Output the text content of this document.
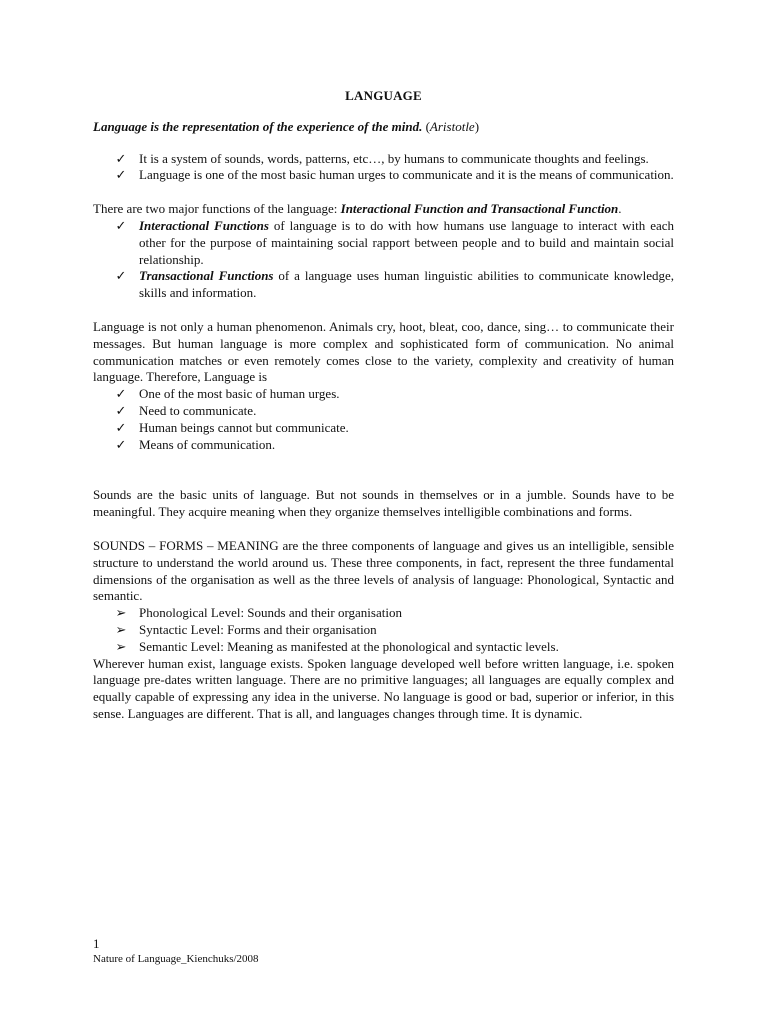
LANGUAGE
Language is the representation of the experience of the mind. (Aristotle)
✓ It is a system of sounds, words, patterns, etc…, by humans to communicate thoughts and feelings.
✓ Language is one of the most basic human urges to communicate and it is the means of communication.

There are two major functions of the language: Interactional Function and Transactional Function.

✓ Interactional Functions of language is to do with how humans use language to interact with each other for the purpose of maintaining social rapport between people and to build and maintain social relationship.
✓ Transactional Functions of a language uses human linguistic abilities to communicate knowledge, skills and information.

Language is not only a human phenomenon. Animals cry, hoot, bleat, coo, dance, sing… to communicate their messages. But human language is more complex and sophisticated form of communication. No animal communication matches or even remotely comes close to the variety, complexity and creativity of human language. Therefore, Language is

✓ One of the most basic of human urges.
✓ Need to communicate.
✓ Human beings cannot but communicate.
✓ Means of communication.

Sounds are the basic units of language. But not sounds in themselves or in a jumble. Sounds have to be meaningful. They acquire meaning when they organize themselves intelligible combinations and forms.

SOUNDS – FORMS – MEANING are the three components of language and gives us an intelligible, sensible structure to understand the world around us. These three components, in fact, represent the three fundamental dimensions of the organisation as well as the three levels of analysis of language: Phonological, Syntactic and semantic.

➢ Phonological Level: Sounds and their organisation
➢ Syntactic Level: Forms and their organisation
➢ Semantic Level: Meaning as manifested at the phonological and syntactic levels.

Wherever human exist, language exists. Spoken language developed well before written language, i.e. spoken language pre-dates written language. There are no primitive languages; all languages are equally complex and equally capable of expressing any idea in the universe. No language is good or bad, superior or inferior, in this sense. Languages are different. That is all, and languages changes through time. It is dynamic.

1
Nature of Language_Kienchuks/2008
